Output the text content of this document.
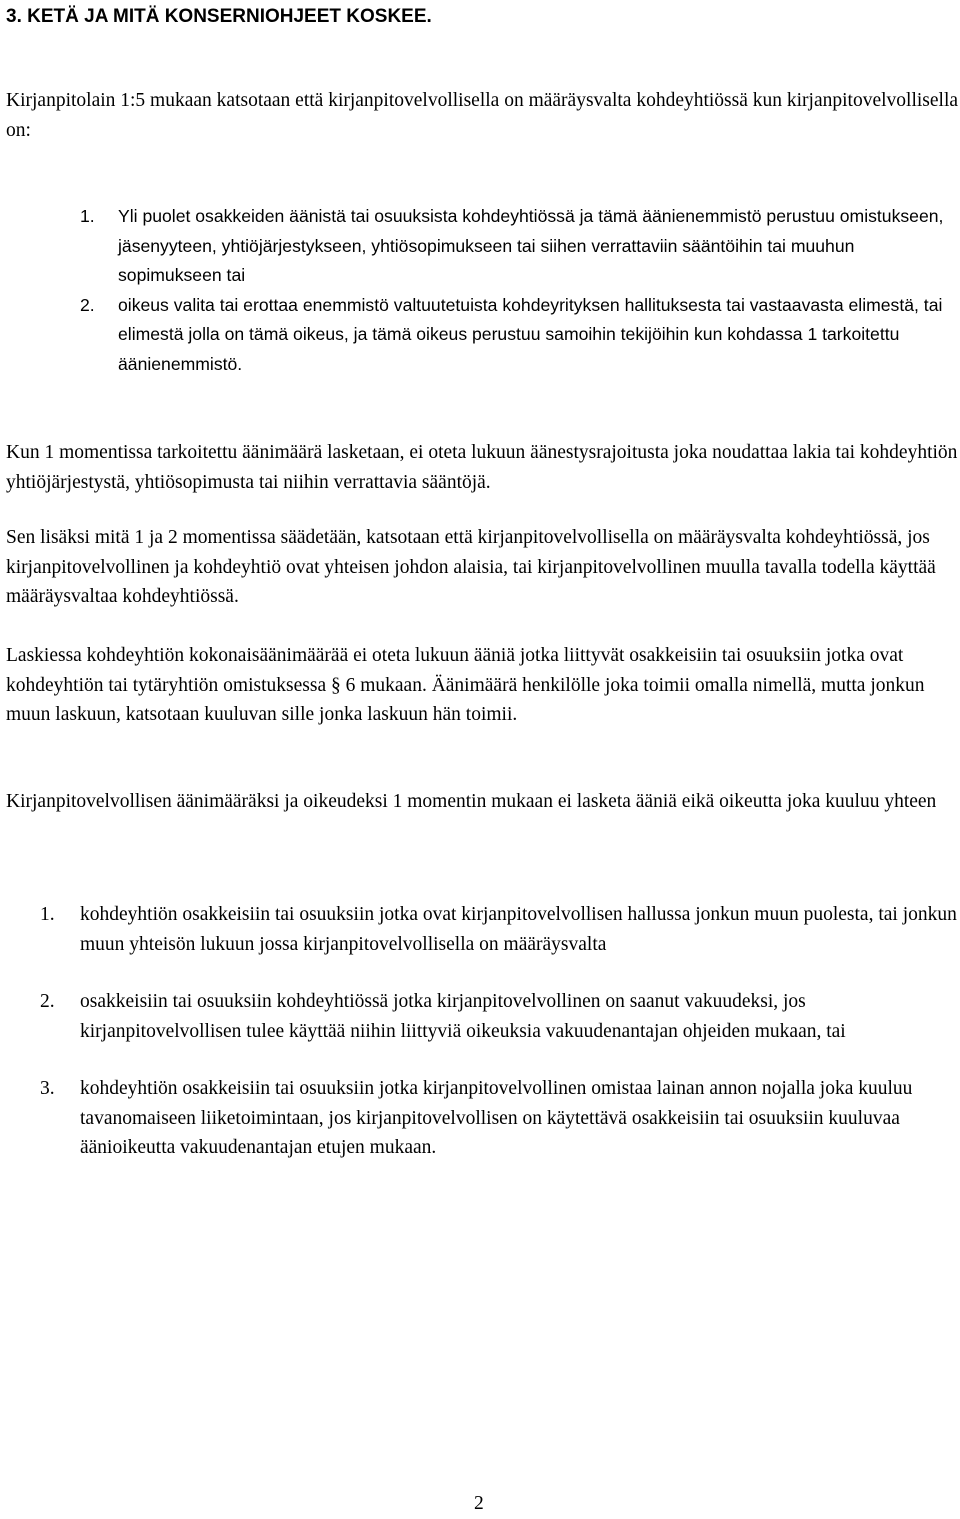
3. KETÄ JA MITÄ KONSERNIOHJEET KOSKEE.

Kirjanpitolain 1:5 mukaan katsotaan että kirjanpitovelvollisella on määräysvalta kohdeyhtiössä kun kirjanpitovelvollisella on:

1. Yli puolet osakkeiden äänistä tai osuuksista kohdeyhtiössä ja tämä äänienemmistö perustuu omistukseen, jäsenyyteen, yhtiöjärjestykseen, yhtiösopimukseen tai siihen verrattaviin sääntöihin tai muuhun sopimukseen tai
2. oikeus valita tai erottaa enemmistö valtuutetuista kohdeyrityksen hallituksesta tai vastaavasta elimestä, tai elimestä jolla on tämä oikeus, ja tämä oikeus perustuu samoihin tekijöihin kun kohdassa 1 tarkoitettu äänienemmistö.

Kun 1 momentissa tarkoitettu äänimäärä lasketaan, ei oteta lukuun äänestysrajoitusta joka noudattaa lakia tai kohdeyhtiön yhtiöjärjestystä, yhtiösopimusta tai niihin verrattavia sääntöjä.

Sen lisäksi mitä 1 ja 2 momentissa säädetään, katsotaan että kirjanpitovelvollisella on määräysvalta kohdeyhtiössä, jos kirjanpitovelvollinen ja kohdeyhtiö ovat yhteisen johdon alaisia, tai kirjanpitovelvollinen muulla tavalla todella käyttää määräysvaltaa kohdeyhtiössä.

Laskiessa kohdeyhtiön kokonaisäänimäärää ei oteta lukuun ääniä jotka liittyvät osakkeisiin tai osuuksiin jotka ovat kohdeyhtiön tai tytäryhtiön omistuksessa § 6 mukaan. Äänimäärä henkilölle joka toimii omalla nimellä, mutta jonkun muun laskuun, katsotaan kuuluvan sille jonka laskuun hän toimii.

Kirjanpitovelvollisen äänimääräksi ja oikeudeksi 1 momentin mukaan ei lasketa ääniä eikä oikeutta joka kuuluu yhteen

1. kohdeyhtiön osakkeisiin tai osuuksiin jotka ovat kirjanpitovelvollisen hallussa jonkun muun puolesta, tai jonkun muun yhteisön lukuun jossa kirjanpitovelvollisella on määräysvalta
2. osakkeisiin tai osuuksiin kohdeyhtiössä jotka kirjanpitovelvollinen on saanut vakuudeksi, jos kirjanpitovelvollisen tulee käyttää niihin liittyviä oikeuksia vakuudenantajan ohjeiden mukaan, tai
3. kohdeyhtiön osakkeisiin tai osuuksiin jotka kirjanpitovelvollinen omistaa lainan annon nojalla joka kuuluu tavanomaiseen liiketoimintaan, jos kirjanpitovelvollisen on käytettävä osakkeisiin tai osuuksiin kuuluvaa äänioikeutta vakuudenantajan etujen mukaan.
2
